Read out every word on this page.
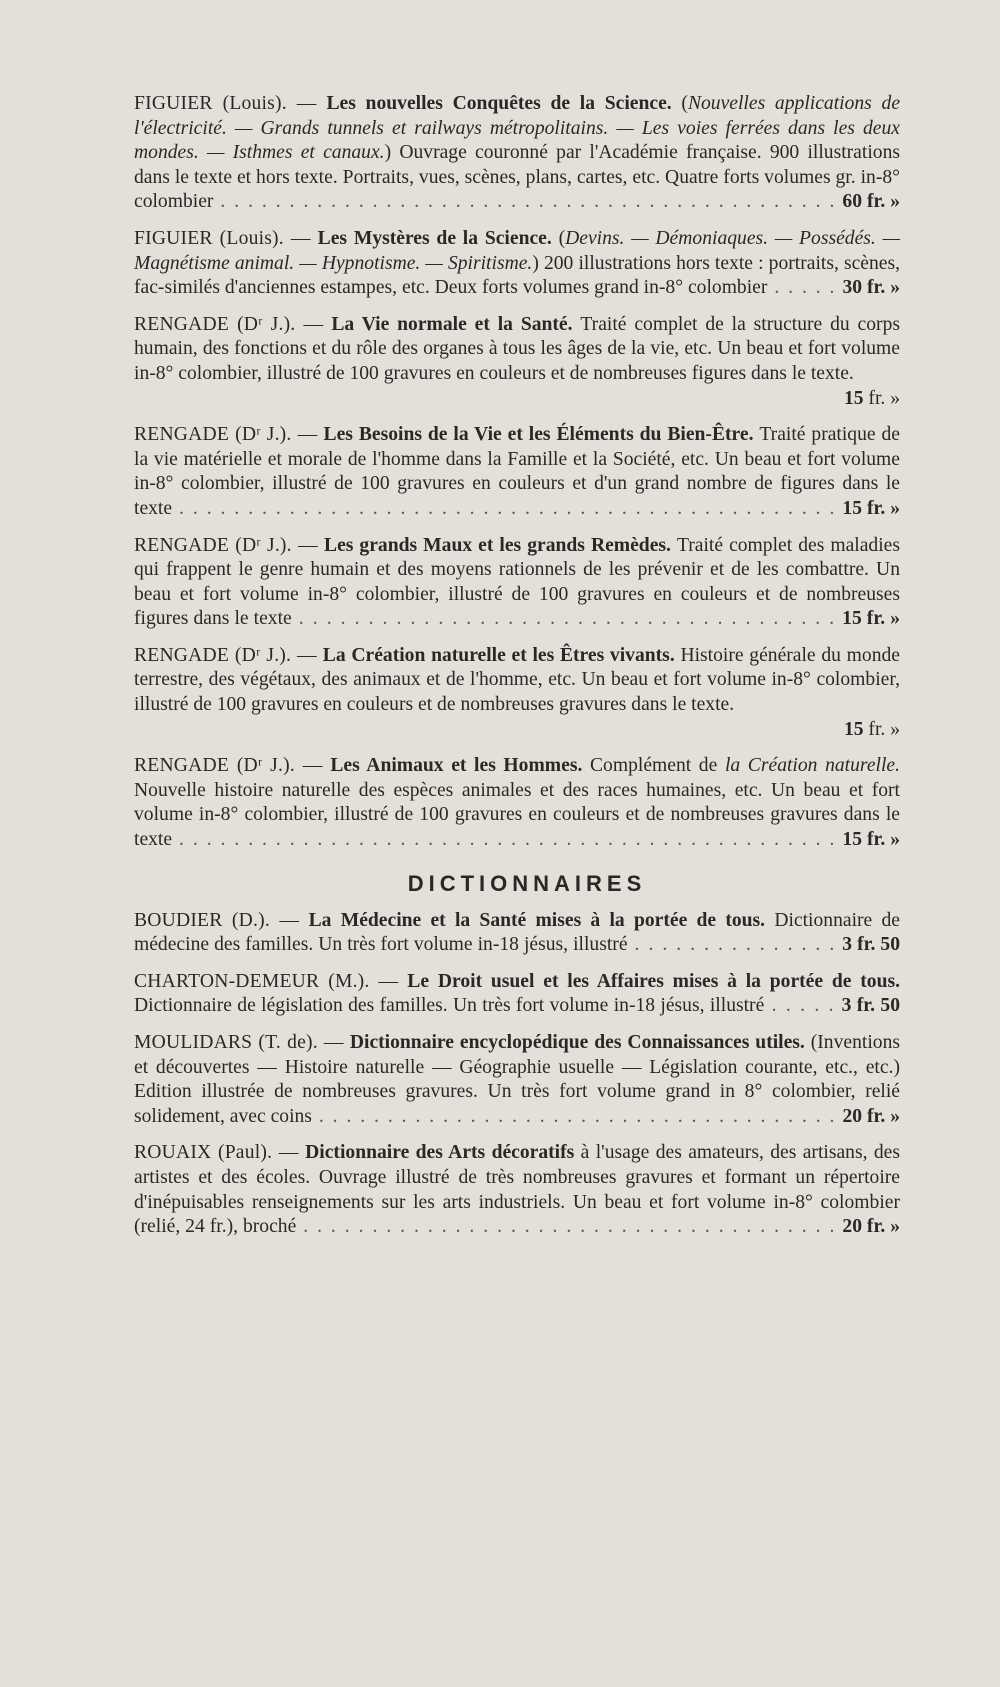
FIGUIER (Louis). — Les nouvelles Conquêtes de la Science. (Nouvelles applications de l'électricité. — Grands tunnels et railways métropolitains. — Les voies ferrées dans les deux mondes. — Isthmes et canaux.) Ouvrage couronné par l'Académie française. 900 illustrations dans le texte et hors texte. Portraits, vues, scènes, plans, cartes, etc. Quatre forts volumes gr. in-8° colombier . . . . . . . . . . . . . . . . . . . . . . . . . . . . . . . . . . . . . . . . . . . . . 60 fr. »

FIGUIER (Louis). — Les Mystères de la Science. (Devins. — Démoniaques. — Possédés. — Magnétisme animal. — Hypnotisme. — Spiritisme.) 200 illustrations hors texte : portraits, scènes, fac-similés d'anciennes estampes, etc. Deux forts volumes grand in-8° colombier . . . . . 30 fr. »

RENGADE (Dʳ J.). — La Vie normale et la Santé. Traité complet de la structure du corps humain, des fonctions et du rôle des organes à tous les âges de la vie, etc. Un beau et fort volume in-8° colombier, illustré de 100 gravures en couleurs et de nombreuses figures dans le texte.

15 fr. »

RENGADE (Dʳ J.). — Les Besoins de la Vie et les Éléments du Bien-Être. Traité pratique de la vie matérielle et morale de l'homme dans la Famille et la Société, etc. Un beau et fort volume in-8° colombier, illustré de 100 gravures en couleurs et d'un grand nombre de figures dans le texte . . . . . . . . . . . . . . . . . . . . . . . . . . . . . . . . . . . . . . . . . . . . . . . . 15 fr. »

RENGADE (Dʳ J.). — Les grands Maux et les grands Remèdes. Traité complet des maladies qui frappent le genre humain et des moyens rationnels de les prévenir et de les combattre. Un beau et fort volume in-8° colombier, illustré de 100 gravures en couleurs et de nombreuses figures dans le texte . . . . . . . . . . . . . . . . . . . . . . . . . . . . . . . . . . . . . . . 15 fr. »

RENGADE (Dʳ J.). — La Création naturelle et les Êtres vivants. Histoire générale du monde terrestre, des végétaux, des animaux et de l'homme, etc. Un beau et fort volume in-8° colombier, illustré de 100 gravures en couleurs et de nombreuses gravures dans le texte.

15 fr. »

RENGADE (Dʳ J.). — Les Animaux et les Hommes. Complément de la Création naturelle. Nouvelle histoire naturelle des espèces animales et des races humaines, etc. Un beau et fort volume in-8° colombier, illustré de 100 gravures en couleurs et de nombreuses gravures dans le texte . . . . . . . . . . . . . . . . . . . . . . . . . . . . . . . . . . . . . . . . . . . . . . . . 15 fr. »

DICTIONNAIRES

BOUDIER (D.). — La Médecine et la Santé mises à la portée de tous. Dictionnaire de médecine des familles. Un très fort volume in-18 jésus, illustré . . . . . . . . . . . . . . . 3 fr. 50

CHARTON-DEMEUR (M.). — Le Droit usuel et les Affaires mises à la portée de tous. Dictionnaire de législation des familles. Un très fort volume in-18 jésus, illustré . . . . . 3 fr. 50

MOULIDARS (T. de). — Dictionnaire encyclopédique des Connaissances utiles. (Inventions et découvertes — Histoire naturelle — Géographie usuelle — Législation courante, etc., etc.) Edition illustrée de nombreuses gravures. Un très fort volume grand in 8° colombier, relié solidement, avec coins . . . . . . . . . . . . . . . . . . . . . . . . . . . . . . . . . . . . . . 20 fr. »

ROUAIX (Paul). — Dictionnaire des Arts décoratifs à l'usage des amateurs, des artisans, des artistes et des écoles. Ouvrage illustré de très nombreuses gravures et formant un répertoire d'inépuisables renseignements sur les arts industriels. Un beau et fort volume in-8° colombier (relié, 24 fr.), broché . . . . . . . . . . . . . . . . . . . . . . . . . . . . . . . . . . . . . . . 20 fr. »
